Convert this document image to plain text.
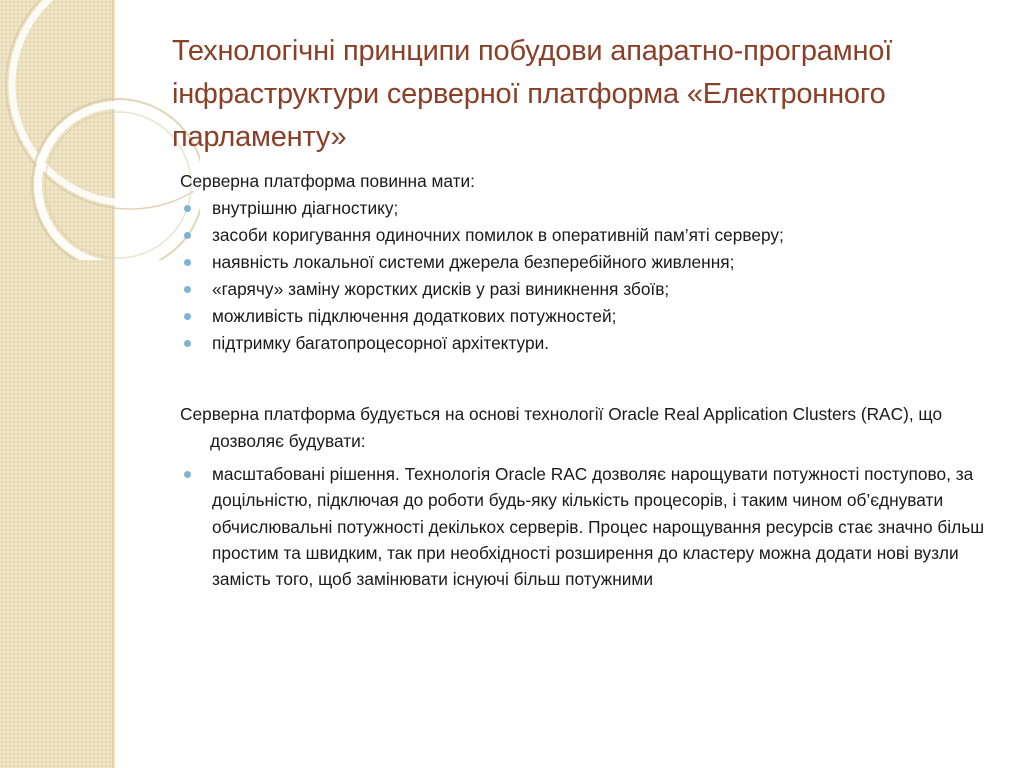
Технологічні принципи побудови апаратно-програмної інфраструктури серверної платформа «Електронного парламенту»

Серверна платформа повинна мати:

внутрішню діагностику;
засоби коригування одиночних помилок в оперативній пам’яті серверу;
наявність локальної системи джерела безперебійного живлення;
«гарячу» заміну жорстких дисків у разі виникнення збоїв;
можливість підключення додаткових потужностей;
підтримку багатопроцесорної архітектури.

Серверна платформа будується на основі технології Oracle Real Application Clusters (RAC), що дозволяє будувати:

масштабовані рішення. Технологія Oracle RAC дозволяє нарощувати потужності поступово, за доцільністю, підключая до роботи будь-яку кількість процесорів, і таким чином об’єднувати обчислювальні потужності декількох серверів. Процес нарощування ресурсів стає значно більш простим та швидким, так при необхідності розширення до кластеру можна додати нові вузли замість того, щоб замінювати існуючі більш потужними
